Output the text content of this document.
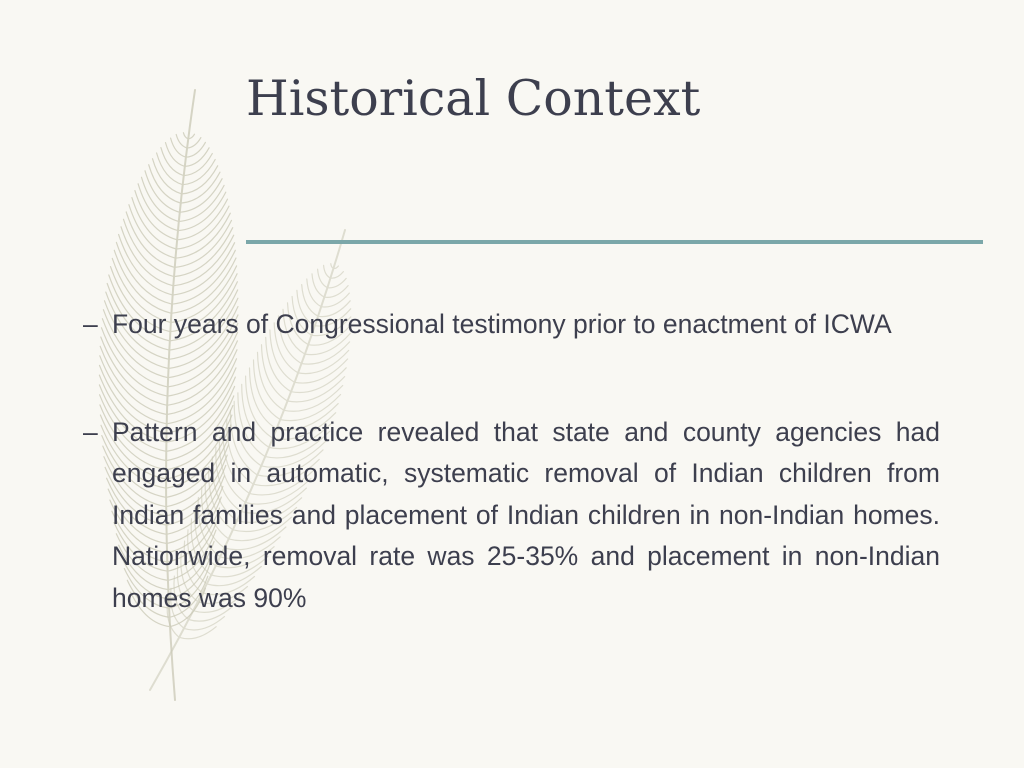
Historical Context
– Four years of Congressional testimony prior to enactment of ICWA
– Pattern and practice revealed that state and county agencies had engaged in automatic, systematic removal of Indian children from Indian families and placement of Indian children in non-Indian homes. Nationwide, removal rate was 25-35% and placement in non-Indian homes was 90%
